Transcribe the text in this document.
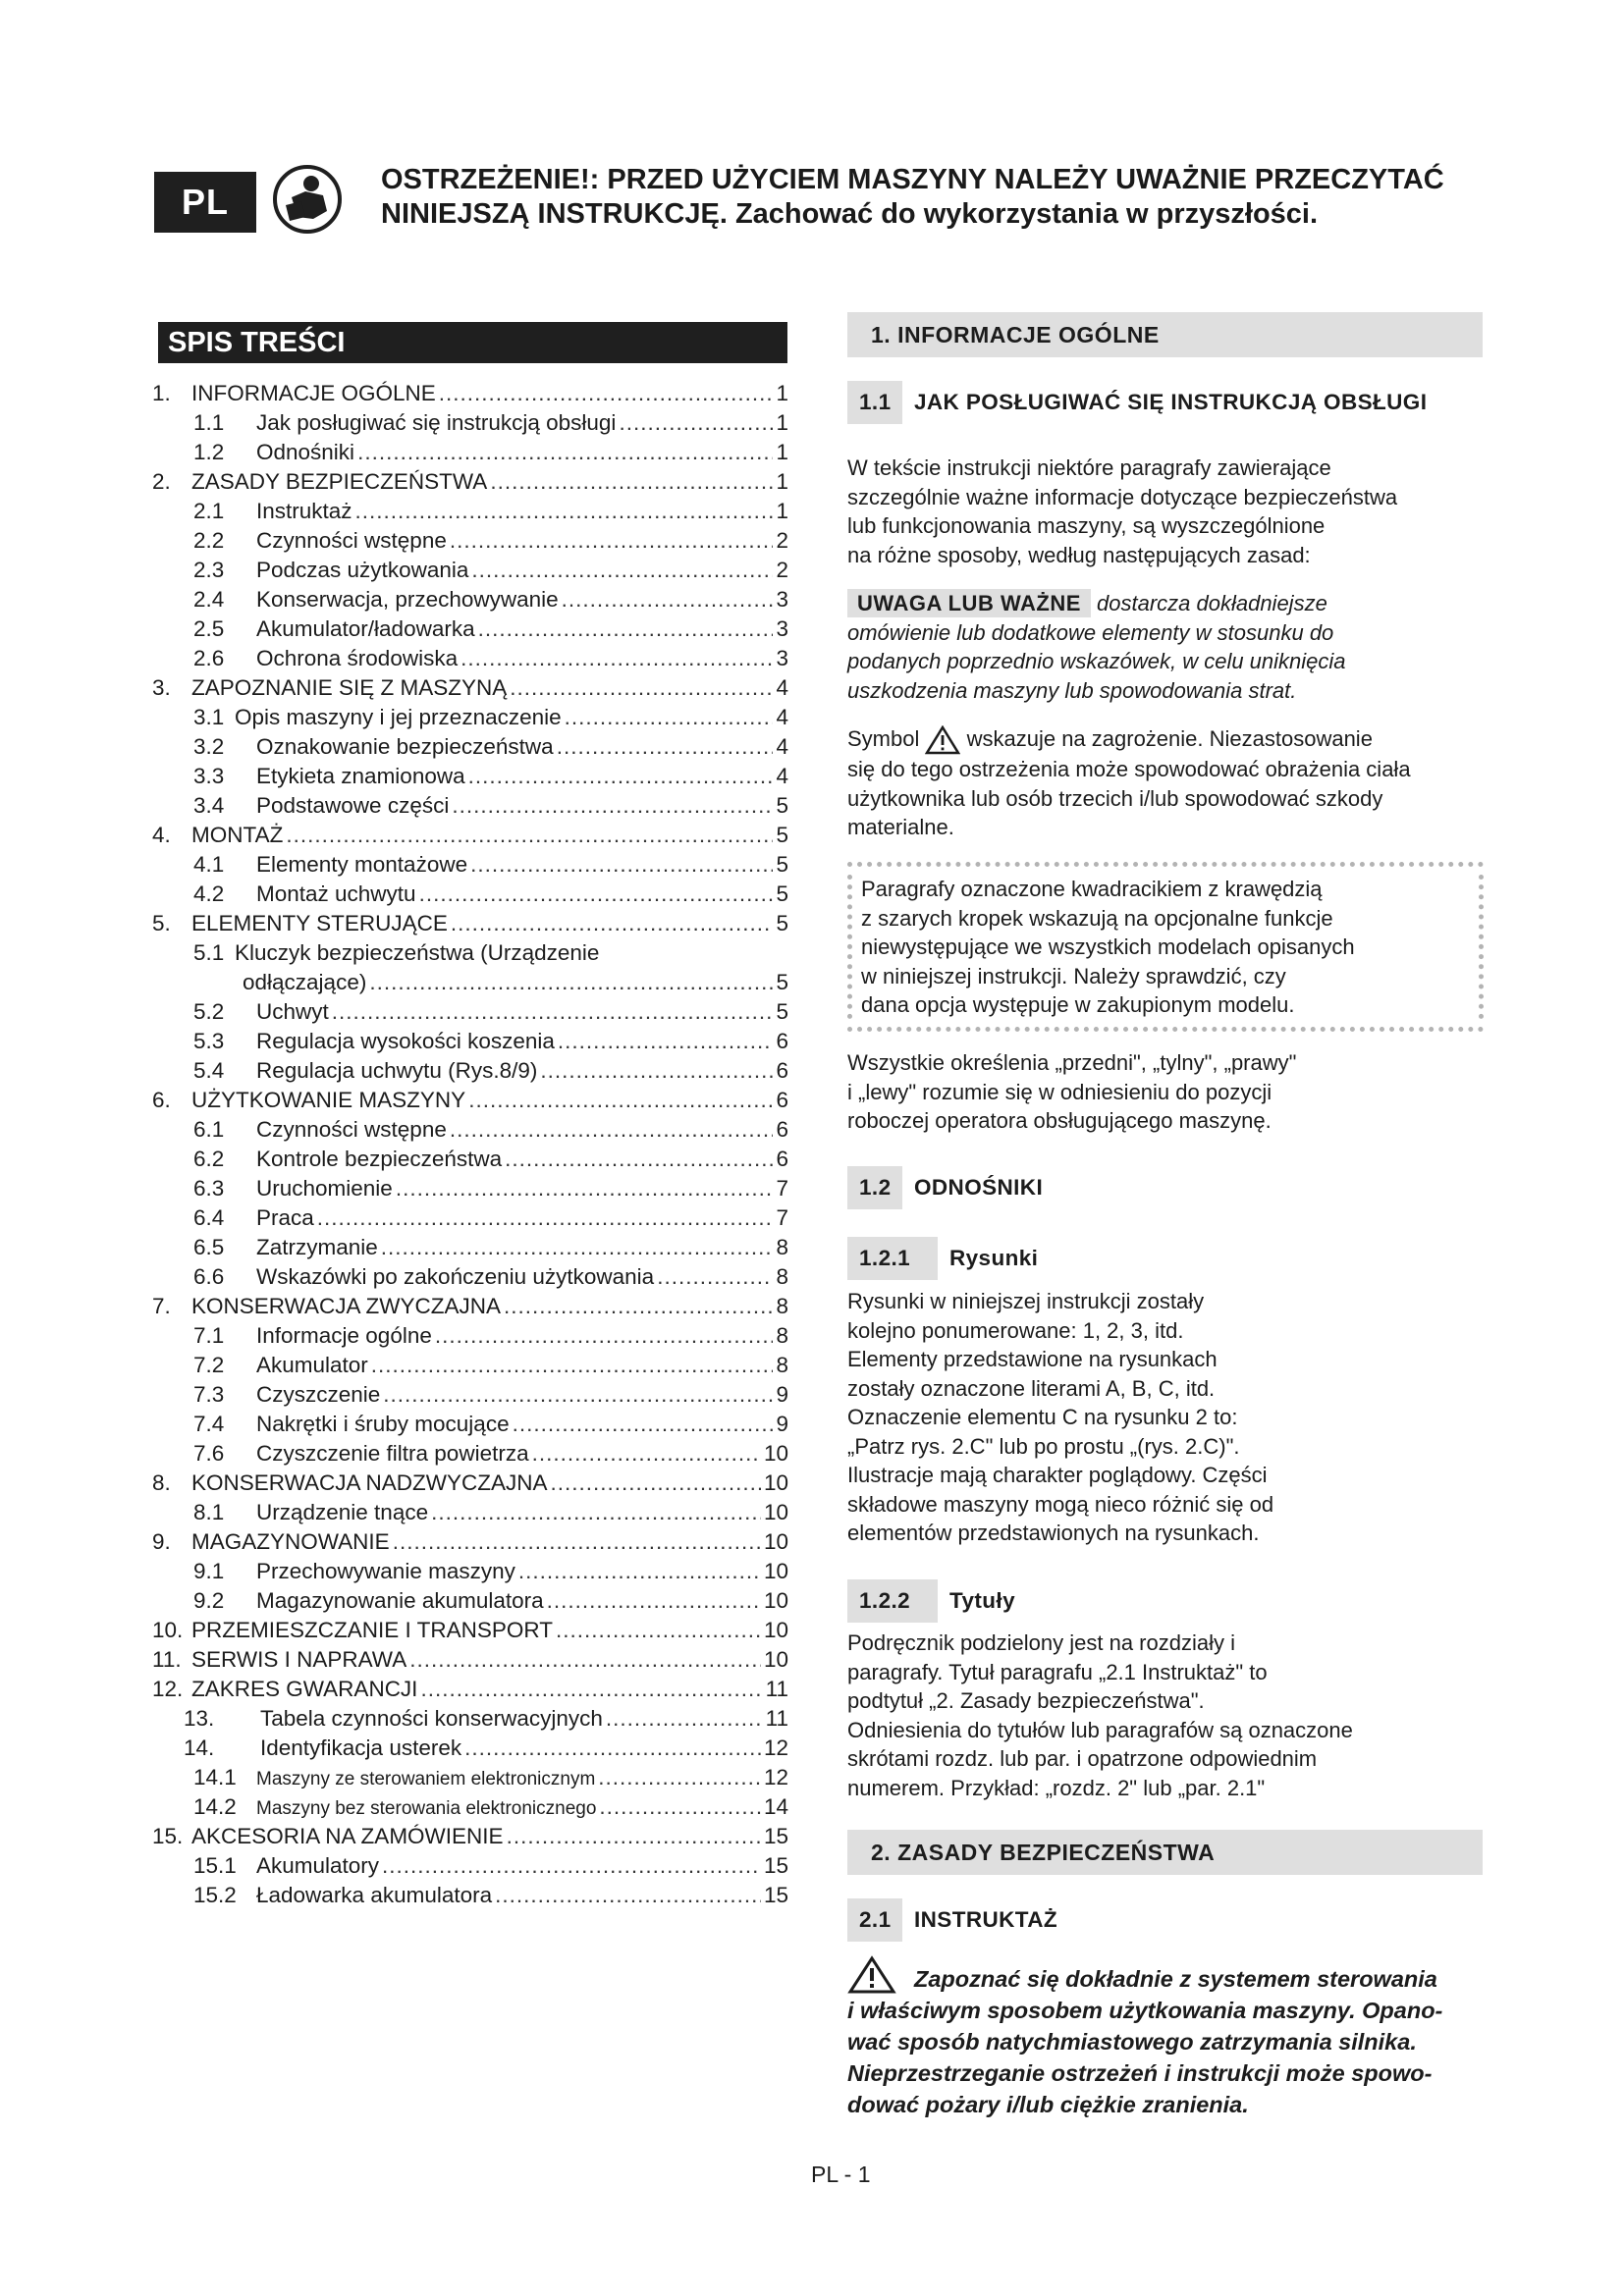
PL
OSTRZEŻENIE!: PRZED UŻYCIEM MASZYNY NALEŻY UWAŻNIE PRZECZYTAĆ
NINIEJSZĄ INSTRUKCJĘ. Zachować do wykorzystania w przyszłości.
SPIS TREŚCI
1. INFORMACJE OGÓLNE .....	1
1.1	Jak posługiwać się instrukcją obsługi .....	1
1.2	Odnośniki .....	1
2. ZASADY BEZPIECZEŃSTWA .....	1
2.1	Instruktaż .....	1
2.2	Czynności wstępne .....	2
2.3	Podczas użytkowania .....	2
2.4	Konserwacja, przechowywanie .....	3
2.5	Akumulator/ładowarka .....	3
2.6	Ochrona środowiska .....	3
3. ZAPOZNANIE SIĘ Z MASZYNĄ .....	4
3.1 Opis maszyny i jej przeznaczenie .....	4
3.2	Oznakowanie bezpieczeństwa .....	4
3.3	Etykieta znamionowa .....	4
3.4	Podstawowe części .....	5
4. MONTAŻ .....	5
4.1	Elementy montażowe .....	5
4.2	Montaż uchwytu .....	5
5. ELEMENTY STERUJĄCE .....	5
5.1 Kluczyk bezpieczeństwa (Urządzenie
odłączające) .....	5
5.2	Uchwyt .....	5
5.3	Regulacja wysokości koszenia .....	6
5.4	Regulacja uchwytu (Rys.8/9) .....	6
6. UŻYTKOWANIE MASZYNY .....	6
6.1	Czynności wstępne .....	6
6.2	Kontrole bezpieczeństwa .....	6
6.3	Uruchomienie .....	7
6.4	Praca .....	7
6.5	Zatrzymanie .....	8
6.6	Wskazówki po zakończeniu użytkowania .....	8
7. KONSERWACJA ZWYCZAJNA .....	8
7.1	Informacje ogólne .....	8
7.2	Akumulator .....	8
7.3	Czyszczenie .....	9
7.4	Nakrętki i śruby mocujące .....	9
7.6	Czyszczenie filtra powietrza .....	10
8. KONSERWACJA NADZWYCZAJNA .....	10
8.1	Urządzenie tnące .....	10
9. MAGAZYNOWANIE .....	10
9.1	Przechowywanie maszyny .....	10
9.2	Magazynowanie akumulatora .....	10
10. PRZEMIESZCZANIE I TRANSPORT .....	10
11. SERWIS I NAPRAWA .....	10
12. ZAKRES GWARANCJI .....	11
13.	Tabela czynności konserwacyjnych .....	11
14.	Identyfikacja usterek .....	12
14.1	Maszyny ze sterowaniem elektronicznym .....	12
14.2	Maszyny bez sterowania elektronicznego .....	14
15. AKCESORIA NA ZAMÓWIENIE .....	15
15.1 Akumulatory .....	15
15.2 Ładowarka akumulatora .....	15
1. INFORMACJE OGÓLNE
1.1	JAK POSŁUGIWAĆ SIĘ INSTRUKCJĄ OBSŁUGI

W tekście instrukcji niektóre paragrafy zawierające

szczególnie ważne informacje dotyczące bezpieczeństwa

lub funkcjonowania maszyny, są wyszczególnione

na różne sposoby, według następujących zasad:

UWAGA LUB WAŻNE dostarcza dokładniejsze

omówienie lub dodatkowe elementy w stosunku do

podanych poprzednio wskazówek, w celu uniknięcia

uszkodzenia maszyny lub spowodowania strat.

Symbol  wskazuje na zagrożenie. Niezastosowanie

się do tego ostrzeżenia może spowodować obrażenia ciała

użytkownika lub osób trzecich i/lub spowodować szkody

materialne.

Paragrafy oznaczone kwadracikiem z krawędzią

z szarych kropek wskazują na opcjonalne funkcje

niewystępujące we wszystkich modelach opisanych

w niniejszej instrukcji. Należy sprawdzić, czy

dana opcja występuje w zakupionym modelu.

Wszystkie określenia „przedni", „tylny", „prawy"

i „lewy" rozumie się w odniesieniu do pozycji

roboczej operatora obsługującego maszynę.

1.2	ODNOŚNIKI
1.2.1	Rysunki

Rysunki w niniejszej instrukcji zostały

kolejno ponumerowane: 1, 2, 3, itd.

Elementy przedstawione na rysunkach

zostały oznaczone literami A, B, C, itd.

Oznaczenie elementu C na rysunku 2 to:

„Patrz rys. 2.C" lub po prostu „(rys. 2.C)".

Ilustracje mają charakter poglądowy. Części

składowe maszyny mogą nieco różnić się od

elementów przedstawionych na rysunkach.

1.2.2	Tytuły

Podręcznik podzielony jest na rozdziały i

paragrafy. Tytuł paragrafu „2.1 Instruktaż" to

podtytuł „2. Zasady bezpieczeństwa".

Odniesienia do tytułów lub paragrafów są oznaczone

skrótami rozdz. lub par. i opatrzone odpowiednim

numerem. Przykład: „rozdz. 2" lub „par. 2.1"

2. ZASADY BEZPIECZEŃSTWA
2.1	INSTRUKTAŻ
Zapoznać się dokładnie z systemem sterowania
i właściwym sposobem użytkowania maszyny. Opano-
wać sposób natychmiastowego zatrzymania silnika.
Nieprzestrzeganie ostrzeżeń i instrukcji może spowo-
dować pożary i/lub ciężkie zranienia.
PL - 1
